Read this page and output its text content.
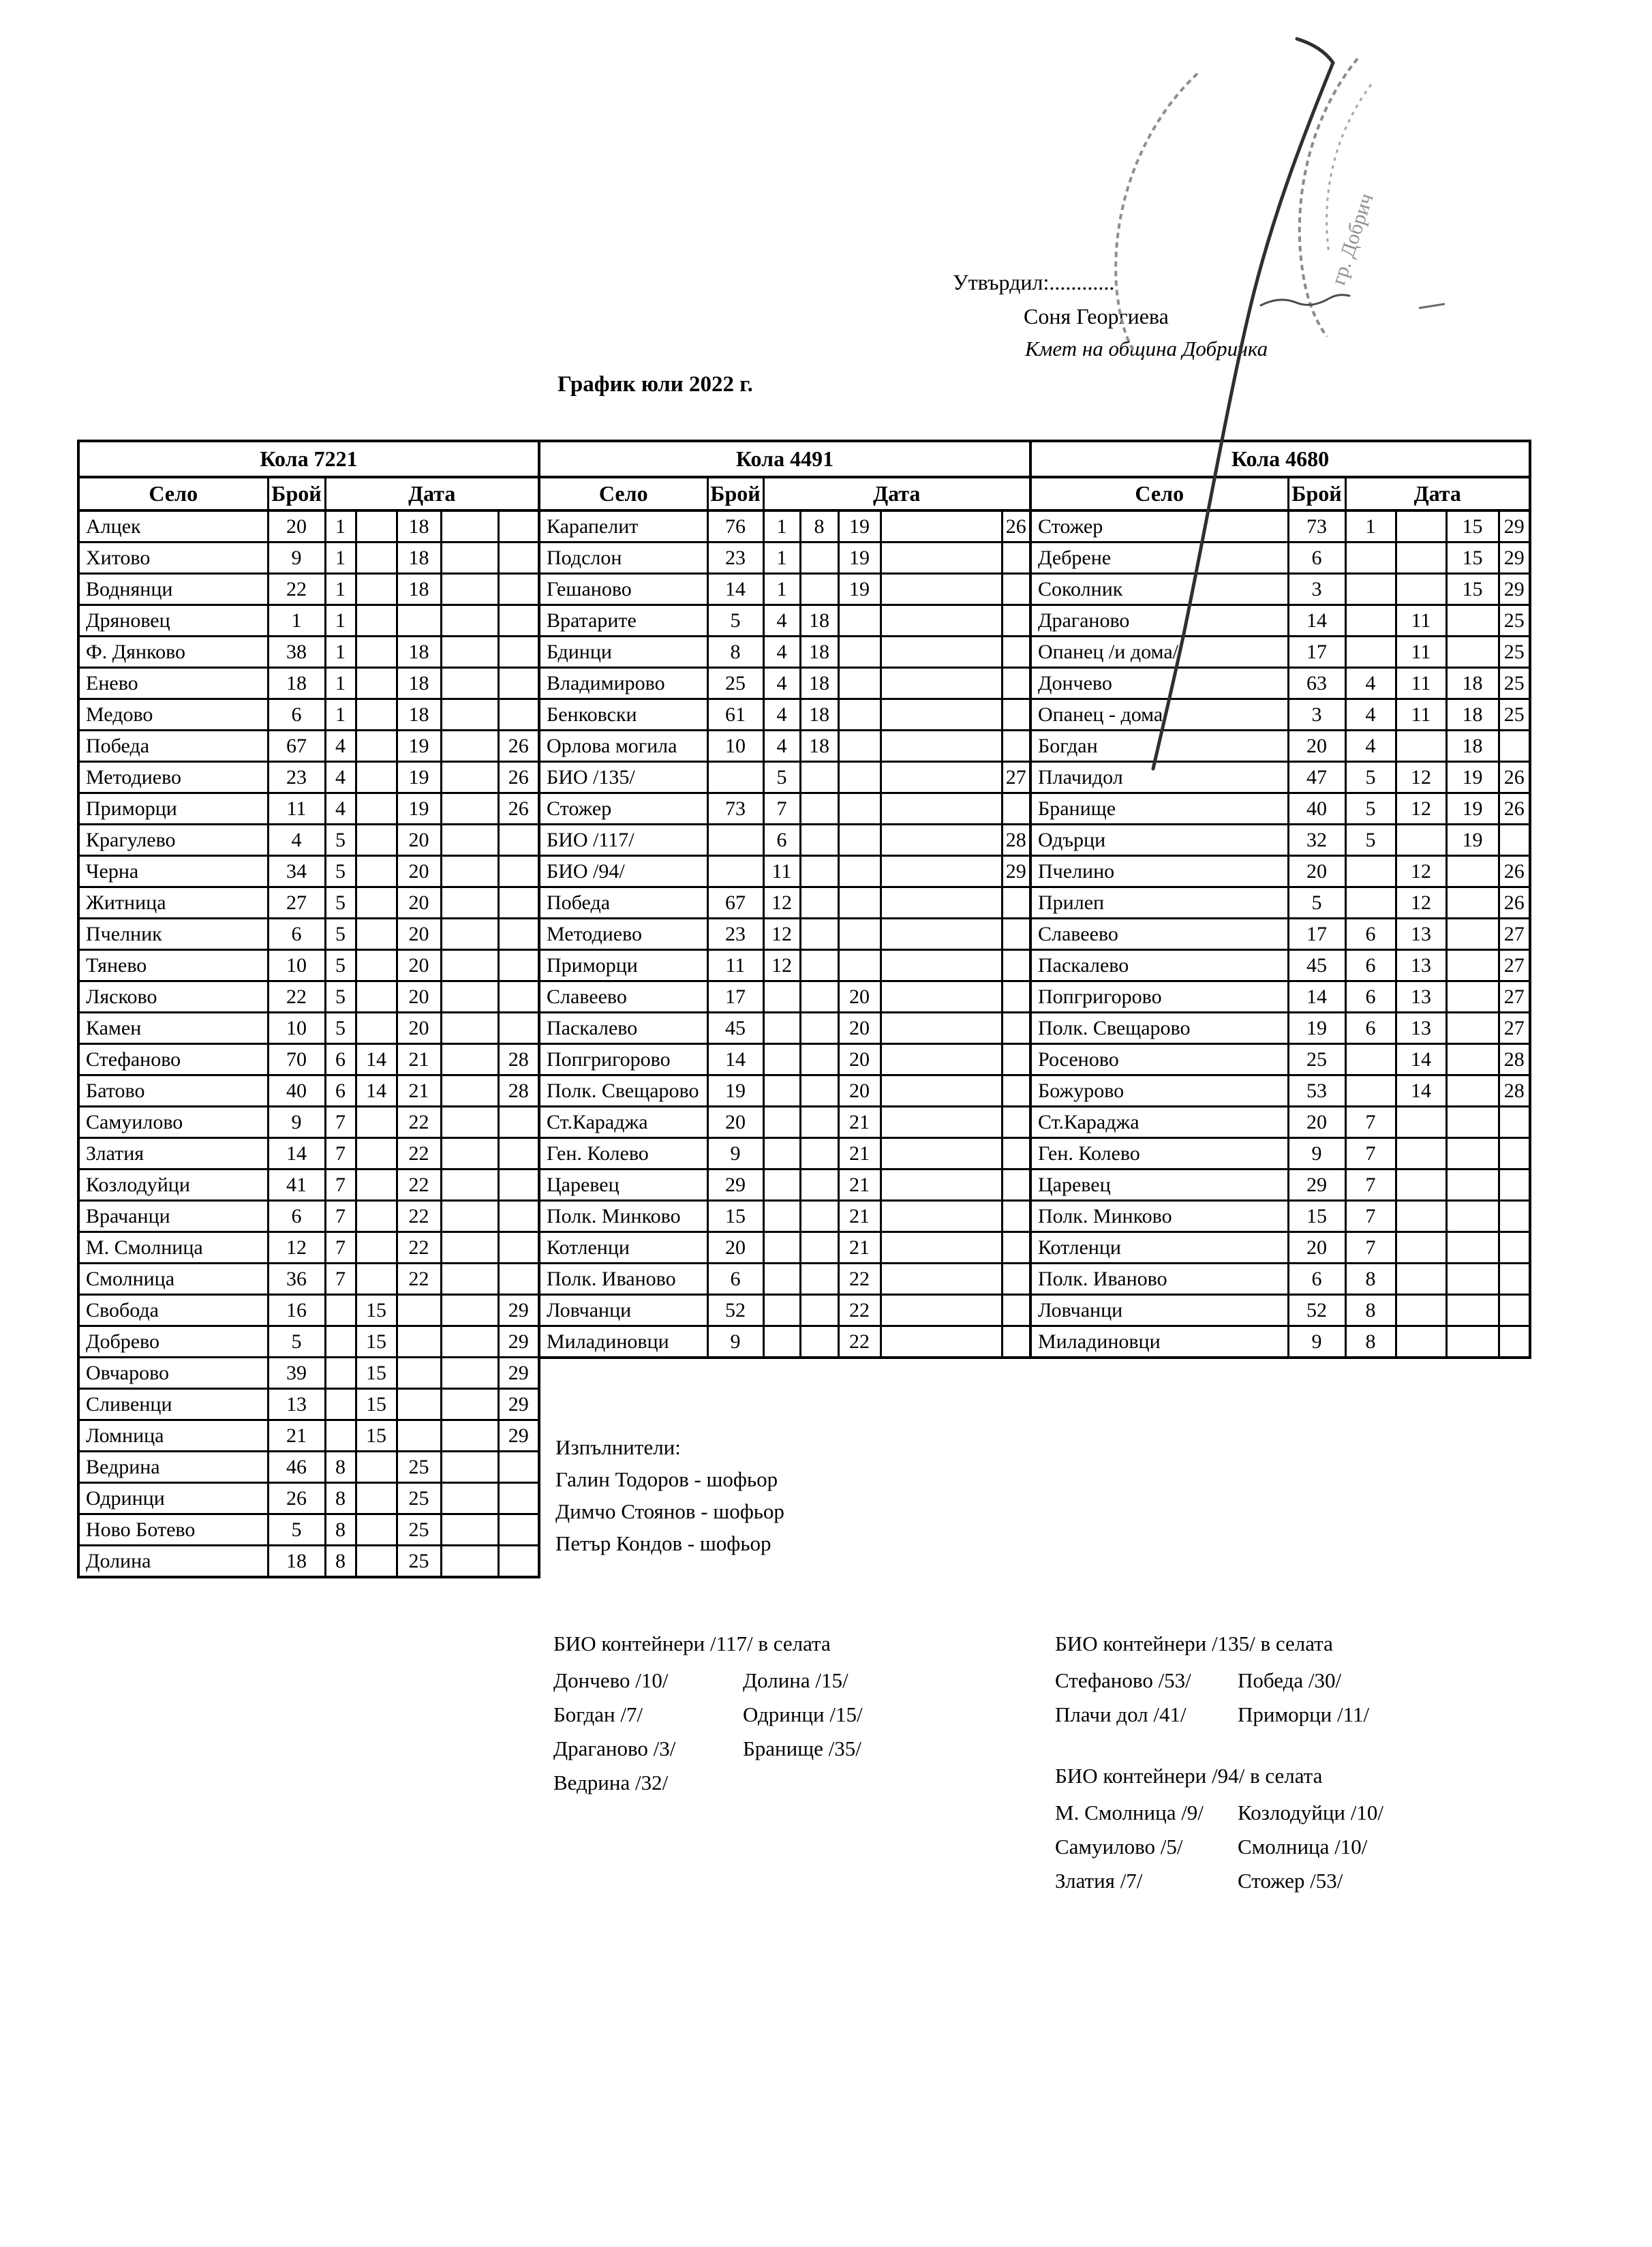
Утвърдил:............
Соня Георгиева
Кмет на община Добричка
График юли 2022 г.
Кола 7221						
Село	Брой	Дата				
Алцек	20	1		18		
Хитово	9	1		18		
Воднянци	22	1		18		
Дряновец	1	1				
Ф. Дянково	38	1		18		
Енево	18	1		18		
Медово	6	1		18		
Победа	67	4		19		26
Методиево	23	4		19		26
Приморци	11	4		19		26
Крагулево	4	5		20		
Черна	34	5		20		
Житница	27	5		20		
Пчелник	6	5		20		
Тянево	10	5		20		
Лясково	22	5		20		
Камен	10	5		20		
Стефаново	70	6	14	21		28
Батово	40	6	14	21		28
Самуилово	9	7		22		
Златия	14	7		22		
Козлодуйци	41	7		22		
Врачанци	6	7		22		
М. Смолница	12	7		22		
Смолница	36	7		22		
Свобода	16		15			29
Добрево	5		15			29
Овчарово	39		15			29
Сливенци	13		15			29
Ломница	21		15			29
Ведрина	46	8		25		
Одринци	26	8		25		
Ново Ботево	5	8		25		
Долина	18	8		25		
Кола 4491						
Село	Брой	Дата				
Карапелит	76	1	8	19		26
Подслон	23	1		19		
Гешаново	14	1		19		
Вратарите	5	4	18			
Бдинци	8	4	18			
Владимирово	25	4	18			
Бенковски	61	4	18			
Орлова могила	10	4	18			
БИО /135/		5				27
Стожер	73	7				
БИО /117/		6				28
БИО /94/		11				29
Победа	67	12				
Методиево	23	12				
Приморци	11	12				
Славеево	17			20		
Паскалево	45			20		
Попгригорово	14			20		
Полк. Свещарово	19			20		
Ст.Караджа	20			21		
Ген. Колево	9			21		
Царевец	29			21		
Полк. Минково	15			21		
Котленци	20			21		
Полк. Иваново	6			22		
Ловчанци	52			22		
Миладиновци	9			22		
Кола 4680					
Село	Брой	Дата			
Стожер	73	1		15	29
Дебрене	6			15	29
Соколник	3			15	29
Драганово	14		11		25
Опанец /и дома/	17		11		25
Дончево	63	4	11	18	25
Опанец - дома	3	4	11	18	25
Богдан	20	4		18	
Плачидол	47	5	12	19	26
Бранище	40	5	12	19	26
Одърци	32	5		19	
Пчелино	20		12		26
Прилеп	5		12		26
Славеево	17	6	13		27
Паскалево	45	6	13		27
Попгригорово	14	6	13		27
Полк. Свещарово	19	6	13		27
Росеново	25		14		28
Божурово	53		14		28
Ст.Караджа	20	7			
Ген. Колево	9	7			
Царевец	29	7			
Полк. Минково	15	7			
Котленци	20	7			
Полк. Иваново	6	8			
Ловчанци	52	8			
Миладиновци	9	8			
Изпълнители:
Галин Тодоров - шофьор
Димчо Стоянов - шофьор
Петър Кондов - шофьор
БИО контейнери /117/ в селата
Дончево /10/	Долина /15/
Богдан /7/	Одринци /15/
Драганово /3/	Бранище /35/
Ведрина /32/
БИО контейнери /135/ в селата
Стефаново /53/	Победа /30/
Плачи дол /41/	Приморци /11/
БИО контейнери /94/ в селата
М. Смолница /9/	Козлодуйци /10/
Самуилово /5/	Смолница /10/
Златия /7/	Стожер /53/
гр. Добрич
